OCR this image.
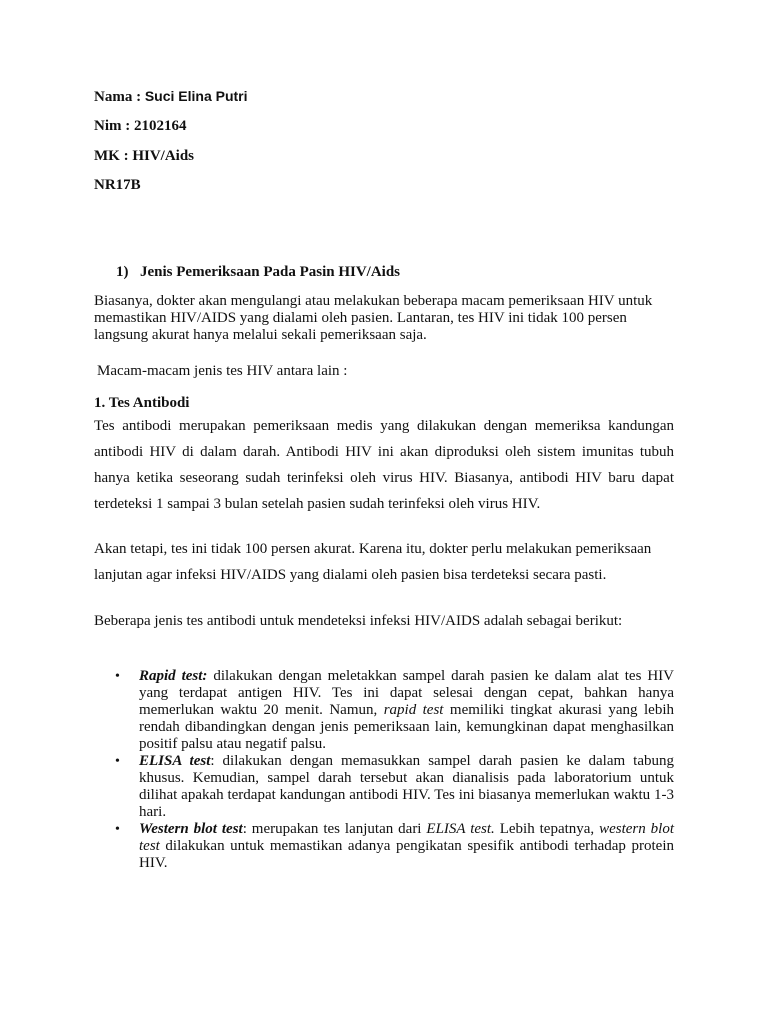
Nama : Suci Elina Putri
Nim : 2102164
MK : HIV/Aids
NR17B
1) Jenis Pemeriksaan Pada Pasin HIV/Aids
Biasanya, dokter akan mengulangi atau melakukan beberapa macam pemeriksaan HIV untuk memastikan HIV/AIDS yang dialami oleh pasien. Lantaran, tes HIV ini tidak 100 persen langsung akurat hanya melalui sekali pemeriksaan saja.
Macam-macam jenis tes HIV antara lain :
1. Tes Antibodi
Tes antibodi merupakan pemeriksaan medis yang dilakukan dengan memeriksa kandungan antibodi HIV di dalam darah. Antibodi HIV ini akan diproduksi oleh sistem imunitas tubuh hanya ketika seseorang sudah terinfeksi oleh virus HIV. Biasanya, antibodi HIV baru dapat terdeteksi 1 sampai 3 bulan setelah pasien sudah terinfeksi oleh virus HIV.
Akan tetapi, tes ini tidak 100 persen akurat. Karena itu, dokter perlu melakukan pemeriksaan lanjutan agar infeksi HIV/AIDS yang dialami oleh pasien bisa terdeteksi secara pasti.
Beberapa jenis tes antibodi untuk mendeteksi infeksi HIV/AIDS adalah sebagai berikut:
• Rapid test: dilakukan dengan meletakkan sampel darah pasien ke dalam alat tes HIV yang terdapat antigen HIV. Tes ini dapat selesai dengan cepat, bahkan hanya memerlukan waktu 20 menit. Namun, rapid test memiliki tingkat akurasi yang lebih rendah dibandingkan dengan jenis pemeriksaan lain, kemungkinan dapat menghasilkan positif palsu atau negatif palsu.
• ELISA test: dilakukan dengan memasukkan sampel darah pasien ke dalam tabung khusus. Kemudian, sampel darah tersebut akan dianalisis pada laboratorium untuk dilihat apakah terdapat kandungan antibodi HIV. Tes ini biasanya memerlukan waktu 1-3 hari.
• Western blot test: merupakan tes lanjutan dari ELISA test. Lebih tepatnya, western blot test dilakukan untuk memastikan adanya pengikatan spesifik antibodi terhadap protein HIV.
